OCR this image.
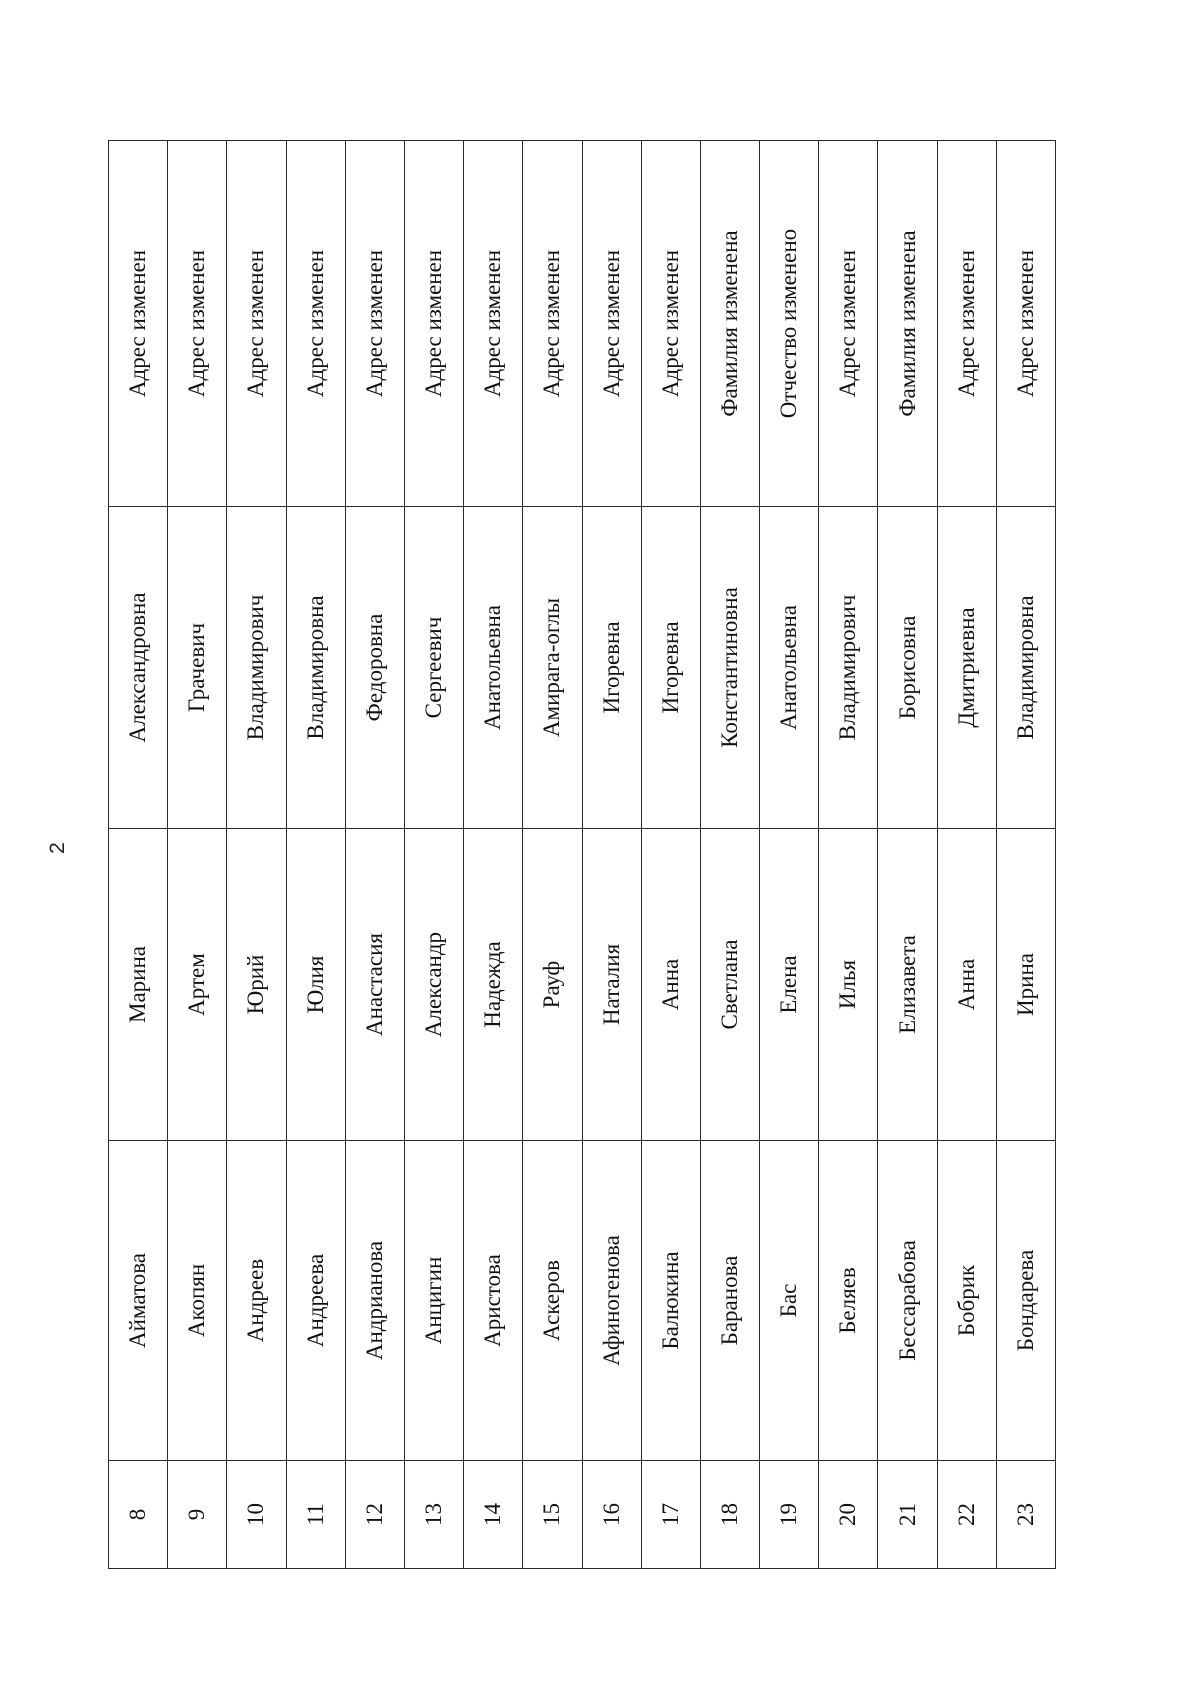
2
8	Айматова	Марина	Александровна	Адрес изменен
9	Акопян	Артем	Грачевич	Адрес изменен
10	Андреев	Юрий	Владимирович	Адрес изменен
11	Андреева	Юлия	Владимировна	Адрес изменен
12	Андрианова	Анастасия	Федоровна	Адрес изменен
13	Анцигин	Александр	Сергеевич	Адрес изменен
14	Аристова	Надежда	Анатольевна	Адрес изменен
15	Аскеров	Рауф	Амирага-оглы	Адрес изменен
16	Афиногенова	Наталия	Игоревна	Адрес изменен
17	Балюкина	Анна	Игоревна	Адрес изменен
18	Баранова	Светлана	Константиновна	Фамилия изменена
19	Бас	Елена	Анатольевна	Отчество изменено
20	Беляев	Илья	Владимирович	Адрес изменен
21	Бессарабова	Елизавета	Борисовна	Фамилия изменена
22	Бобрик	Анна	Дмитриевна	Адрес изменен
23	Бондарева	Ирина	Владимировна	Адрес изменен
